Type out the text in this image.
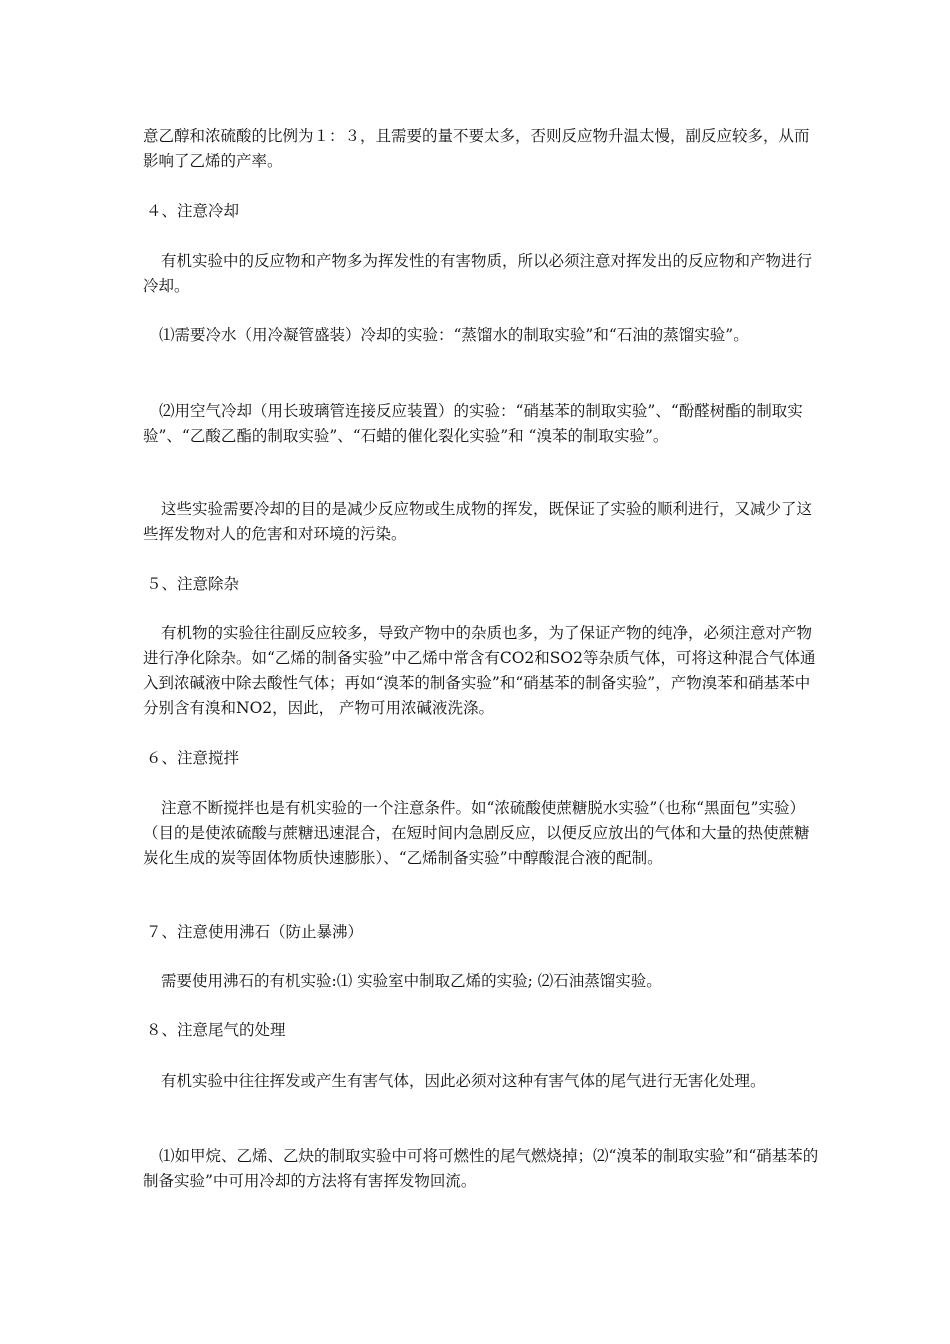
意乙醇和浓硫酸的比例为１：３，且需要的量不要太多，否则反应物升温太慢，副反应较多，从而影响了乙烯的产率。

４、注意冷却

有机实验中的反应物和产物多为挥发性的有害物质，所以必须注意对挥发出的反应物和产物进行冷却。

⑴需要冷水（用冷凝管盛装）冷却的实验：“蒸馏水的制取实验”和“石油的蒸馏实验”。

⑵用空气冷却（用长玻璃管连接反应装置）的实验：“硝基苯的制取实验”、“酚醛树酯的制取实验”、“乙酸乙酯的制取实验”、“石蜡的催化裂化实验”和 “溴苯的制取实验”。

这些实验需要冷却的目的是减少反应物或生成物的挥发，既保证了实验的顺利进行，又减少了这些挥发物对人的危害和对环境的污染。

５、注意除杂

有机物的实验往往副反应较多，导致产物中的杂质也多，为了保证产物的纯净，必须注意对产物进行净化除杂。如“乙烯的制备实验”中乙烯中常含有CO2和SO2等杂质气体，可将这种混合气体通入到浓碱液中除去酸性气体；再如“溴苯的制备实验”和“硝基苯的制备实验”，产物溴苯和硝基苯中分别含有溴和NO2，因此， 产物可用浓碱液洗涤。

６、注意搅拌

注意不断搅拌也是有机实验的一个注意条件。如“浓硫酸使蔗糖脱水实验”（也称“黑面包”实验）（目的是使浓硫酸与蔗糖迅速混合，在短时间内急剧反应，以便反应放出的气体和大量的热使蔗糖炭化生成的炭等固体物质快速膨胀）、“乙烯制备实验”中醇酸混合液的配制。

７、注意使用沸石（防止暴沸）

需要使用沸石的有机实验:⑴ 实验室中制取乙烯的实验; ⑵石油蒸馏实验。

８、注意尾气的处理

有机实验中往往挥发或产生有害气体，因此必须对这种有害气体的尾气进行无害化处理。

⑴如甲烷、乙烯、乙炔的制取实验中可将可燃性的尾气燃烧掉；⑵“溴苯的制取实验”和“硝基苯的制备实验”中可用冷却的方法将有害挥发物回流。
